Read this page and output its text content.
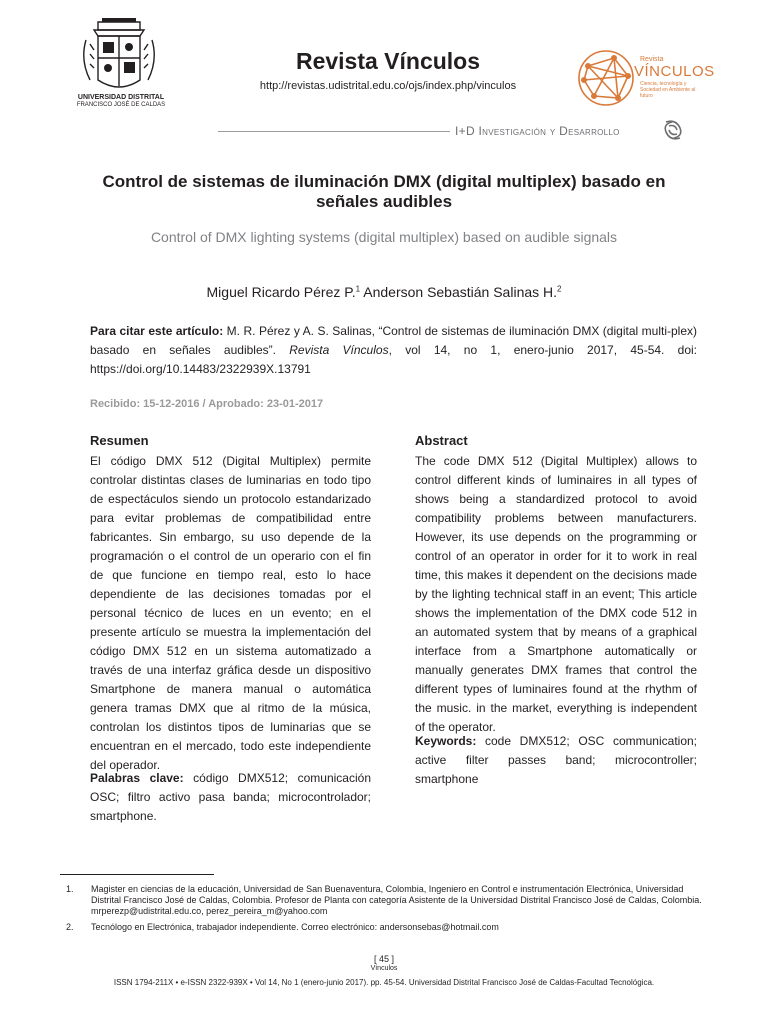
UNIVERSIDAD DISTRITAL
FRANCISCO JOSÉ DE CALDAS
Revista Vínculos
http://revistas.udistrital.edu.co/ojs/index.php/vinculos
Revista
VÍNCULOS
Ciencia, tecnología y Sociedad en Ambiente al futuro
I+D Investigación y Desarrollo
Control de sistemas de iluminación DMX (digital multiplex) basado en
señales audibles
Control of DMX lighting systems (digital multiplex) based on audible signals
Miguel Ricardo Pérez P.$^1$ Anderson Sebastián Salinas H.$^2$
Para citar este artículo: M. R. Pérez y A. S. Salinas, “Control de sistemas de iluminación DMX (digital multi-plex) basado en señales audibles”. Revista Vínculos, vol 14, no 1, enero-junio 2017, 45-54. doi: https://doi.org/10.14483/2322939X.13791
Recibido: 15-12-2016 / Aprobado: 23-01-2017
Resumen
El código DMX 512 (Digital Multiplex) permite controlar distintas clases de luminarias en todo tipo de espectáculos siendo un protocolo estandarizado para evitar problemas de compatibilidad entre fabricantes. Sin embargo, su uso depende de la programación o el control de un operario con el fin de que funcione en tiempo real, esto lo hace dependiente de las decisiones tomadas por el personal técnico de luces en un evento; en el presente artículo se muestra la implementación del código DMX 512 en un sistema automatizado a través de una interfaz gráfica desde un dispositivo Smartphone de manera manual o automática genera tramas DMX que al ritmo de la música, controlan los distintos tipos de luminarias que se encuentran en el mercado, todo este independiente del operador.
Palabras clave: código DMX512; comunicación OSC; filtro activo pasa banda; microcontrolador; smartphone.
Abstract
The code DMX 512 (Digital Multiplex) allows to control different kinds of luminaires in all types of shows being a standardized protocol to avoid compatibility problems between manufacturers. However, its use depends on the programming or control of an operator in order for it to work in real time, this makes it dependent on the decisions made by the lighting technical staff in an event; This article shows the implementation of the DMX code 512 in an automated system that by means of a graphical interface from a Smartphone automatically or manually generates DMX frames that control the different types of luminaires found at the rhythm of the music. in the market, everything is independent of the operator.
Keywords: code DMX512; OSC communication; active filter passes band; microcontroller; smartphone
1.	Magister en ciencias de la educación, Universidad de San Buenaventura, Colombia, Ingeniero en Control e instrumentación Electrónica, Universidad Distrital Francisco José de Caldas, Colombia. Profesor de Planta con categoría Asistente de la Universidad Distrital Francisco José de Caldas, Colombia. mrperezp@udistrital.edu.co, perez_pereira_m@yahoo.com
2.	Tecnólogo en Electrónica, trabajador independiente. Correo electrónico: andersonsebas@hotmail.com
[ 45 ]
Vínculos
ISSN 1794-211X • e-ISSN 2322-939X • Vol 14, No 1 (enero-junio 2017). pp. 45-54. Universidad Distrital Francisco José de Caldas-Facultad Tecnológica.
